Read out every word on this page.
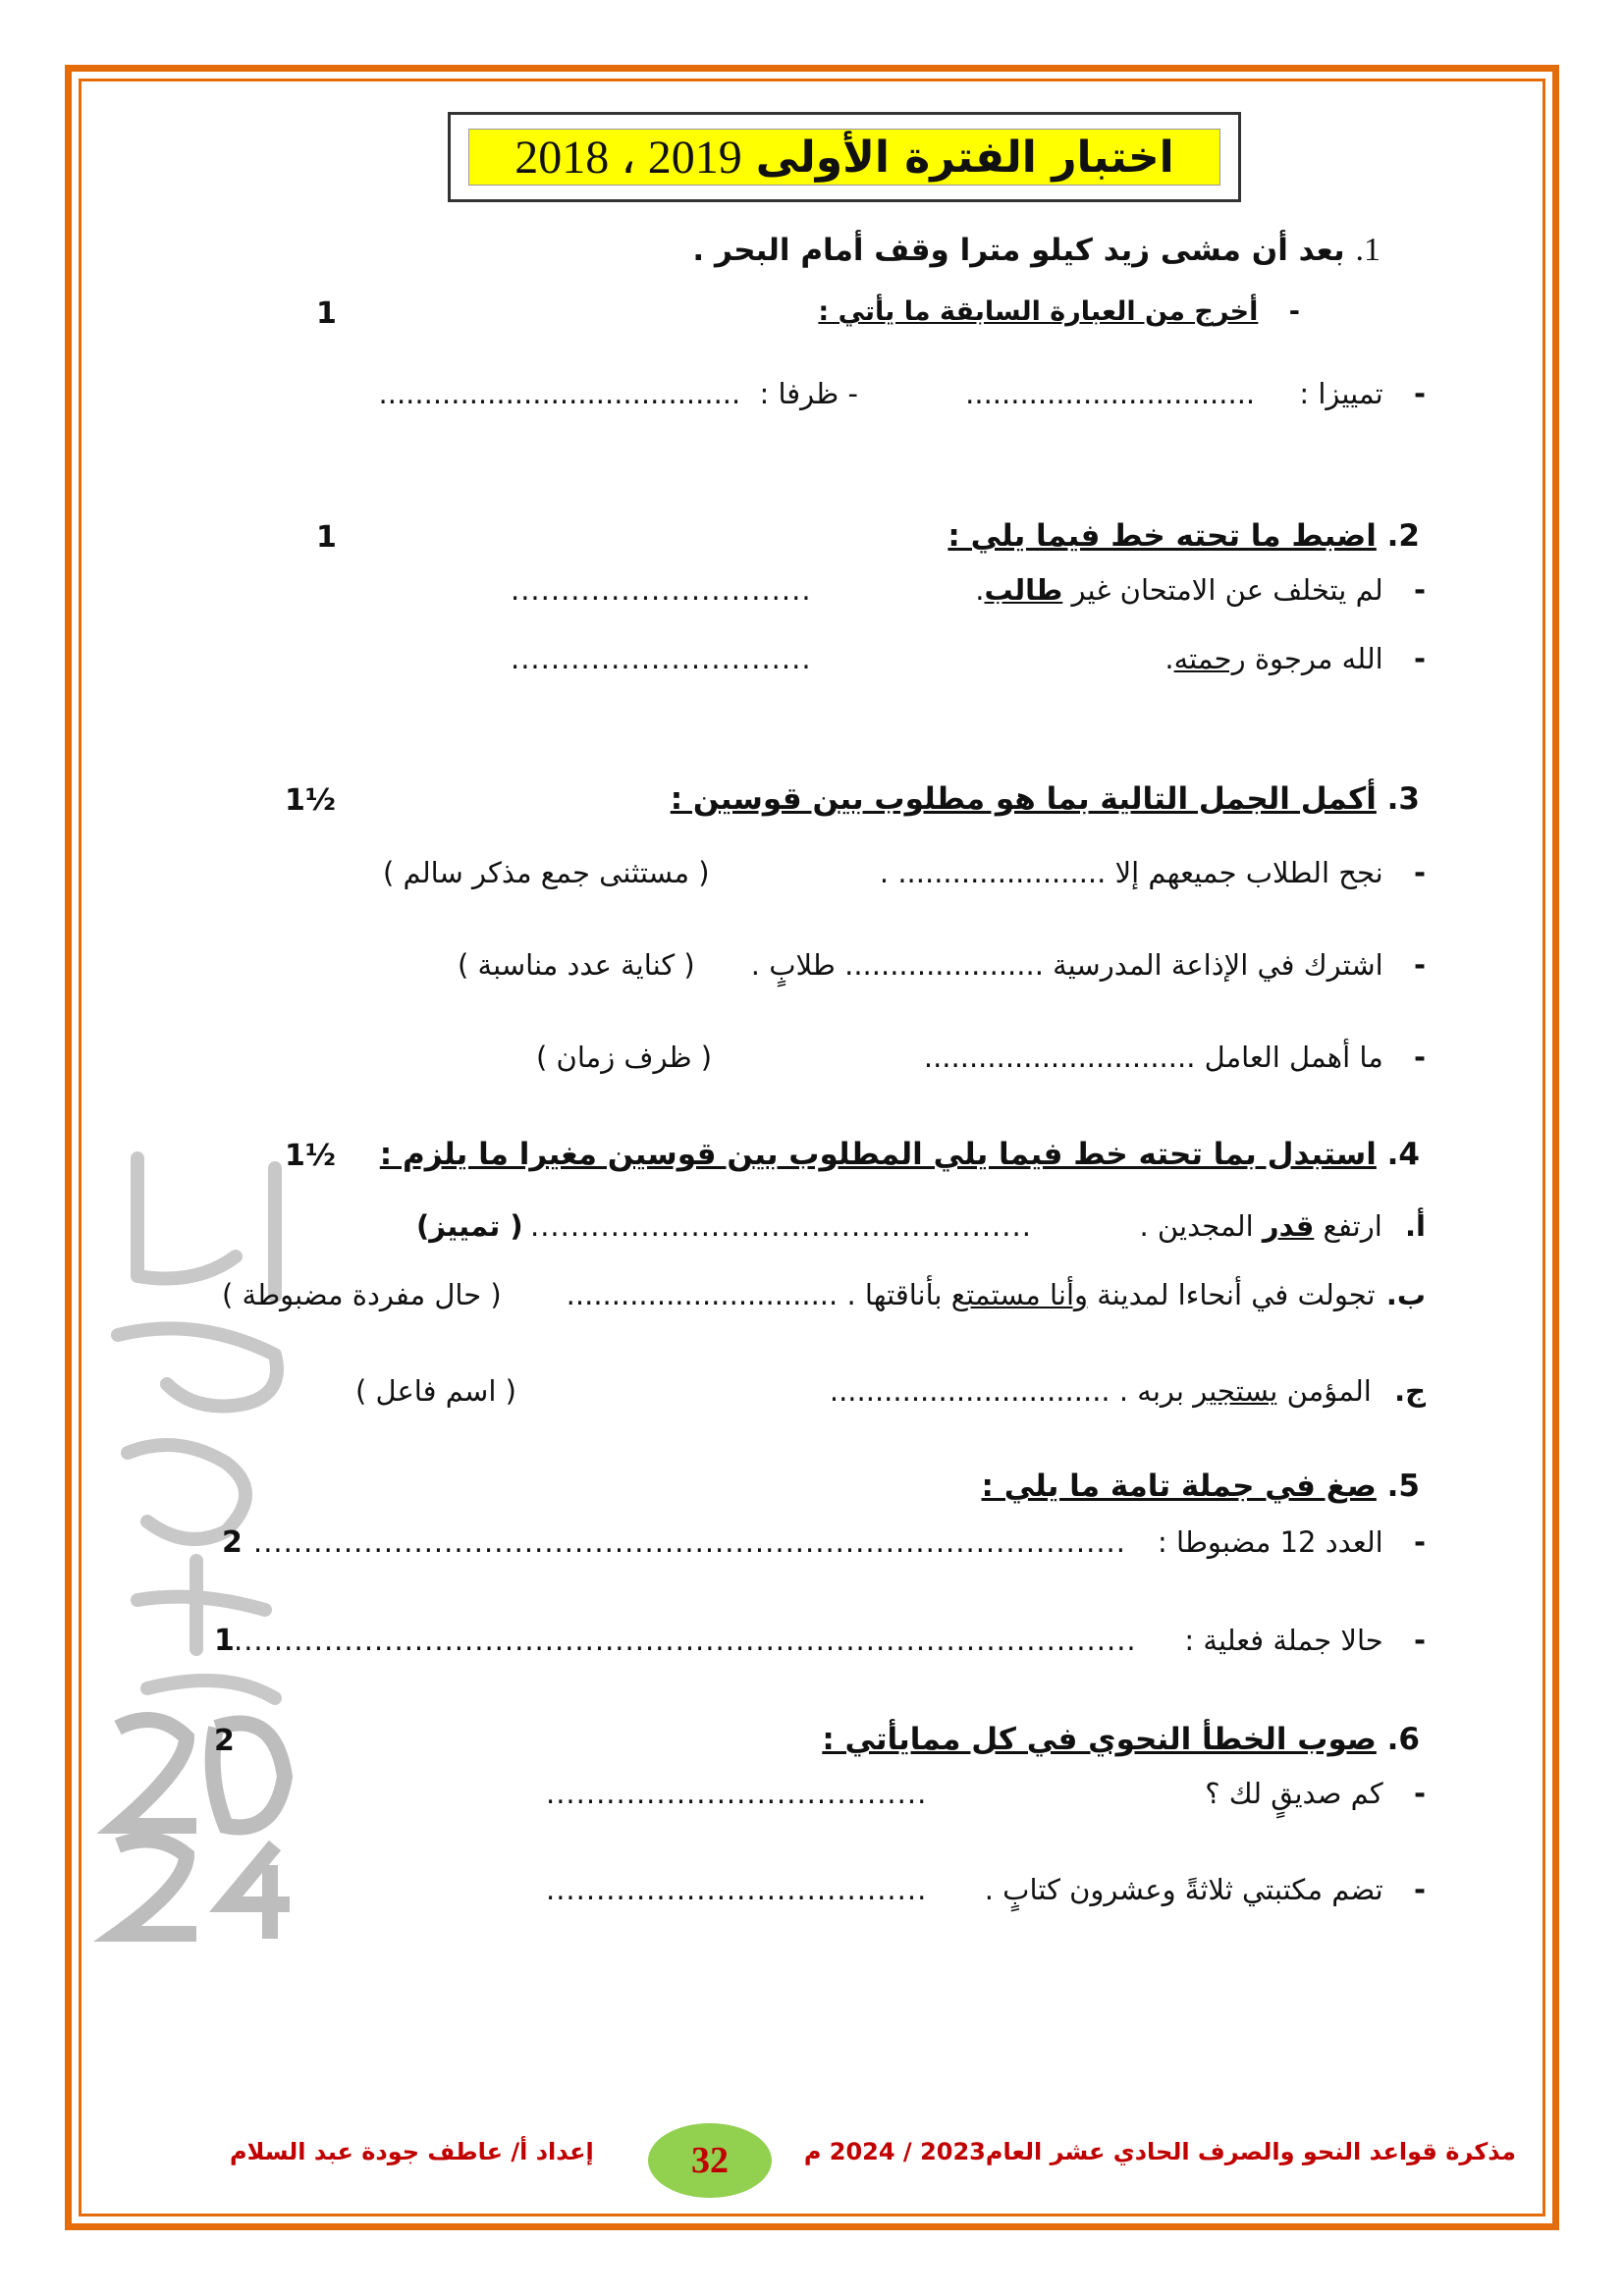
اختبار الفترة الأولى
2019 ، 2018
1. بعد أن مشى زيد كيلو مترا وقف أمام البحر .
- أخرج من العبارة السابقة ما يأتي :
1
- تمييزا : ................................ - ظرفا : ........................................
2. اضبط ما تحته خط فيما يلي :
1
- لم يتخلف عن الامتحان غير طالب.
..............................
- الله مرجوة رحمته.
..............................
3. أكمل الجمل التالية بما هو مطلوب بين قوسين :
1½
- نجح الطلاب جميعهم إلا ....................... .
( مستثنى جمع مذكر سالم )
- اشترك في الإذاعة المدرسية ...................... طلابٍ .
( كناية عدد مناسبة )
- ما أهمل العامل ..............................
( ظرف زمان )
4. استبدل بما تحته خط فيما يلي المطلوب بين قوسين مغيرا ما يلزم :
1½
أ. ارتفع قدر المجدين .
..................................................
( تمييز)
ب. تجولت في أنحاءا لمدينة وأنا مستمتع بأناقتها . ..............................
( حال مفردة مضبوطة )
ج. المؤمن يستجير بربه . ...............................
( اسم فاعل )
5. صغ في جملة تامة ما يلي :
- العدد 12 مضبوطا :
.......................................................................................
2
- حالا جملة فعلية :
..........................................................................................
1
6. صوب الخطأ النحوي في كل ممايأتي :
2
- كم صديقٍ لك ؟
......................................
- تضم مكتبتي ثلاثةً وعشرون كتابٍ .
......................................
مذكرة قواعد النحو والصرف الحادي عشر العام2023 / 2024 م
32
إعداد أ/ عاطف جودة عبد السلام
